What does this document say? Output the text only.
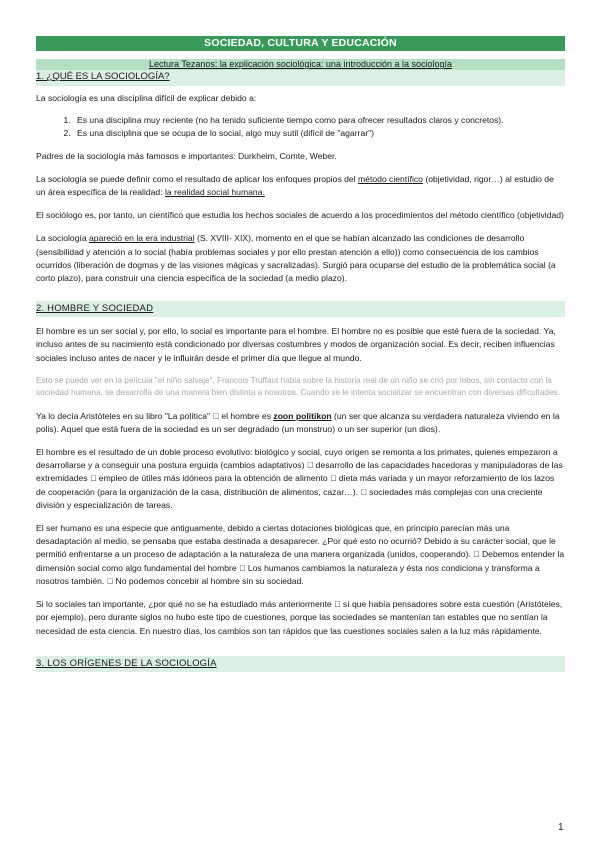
SOCIEDAD, CULTURA Y EDUCACIÓN
Lectura Tezanos: la explicación sociológica: una introducción a la sociología
1. ¿QUÉ ES LA SOCIOLOGÍA?

La sociología es una disciplina difícil de explicar debido a:

1. Es una disciplina muy reciente (no ha tenido suficiente tiempo como para ofrecer resultados claros y concretos).
2. Es una disciplina que se ocupa de lo social, algo muy sutil (difícil de "agarrar")

Padres de la sociología más famosos e importantes: Durkheim, Comte, Weber.

La sociología se puede definir como el resultado de aplicar los enfoques propios del método científico (objetividad, rigor…) al estudio de un área específica de la realidad: la realidad social humana.

El sociólogo es, por tanto, un científico que estudia los hechos sociales de acuerdo a los procedimientos del método científico (objetividad)

La sociología apareció en la era industrial (S. XVIII- XIX), momento en el que se habían alcanzado las condiciones de desarrollo (sensibilidad y atención a lo social (había problemas sociales y por ello prestan atención a ello)) como consecuencia de los cambios ocurridos (liberación de dogmas y de las visiones mágicas y sacralizadas). Surgió para ocuparse del estudio de la problemática social (a corto plazo), para construir una ciencia específica de la sociedad (a medio plazo).

2. HOMBRE Y SOCIEDAD

El hombre es un ser social y, por ello, lo social es importante para el hombre. El hombre no es posible que esté fuera de la sociedad. Ya, incluso antes de su nacimiento está condicionado por diversas costumbres y modos de organización social. Es decir, reciben influencias sociales incluso antes de nacer y le influirán desde el primer día que llegue al mundo.

Esto se puede ver en la película "el niño salvaje", Francois Truffaut habla sobre la historia real de un niño se crió por lobos, sin contacto con la sociedad humana, se desarrolla de una manera bien distinta a nosotros. Cuando se le intenta socializar se encuentran con diversas dificultades.

Ya lo decía Aristóteles en su libro "La política" el hombre es zoon politikon (un ser que alcanza su verdadera naturaleza viviendo en la polis). Aquel que está fuera de la sociedad es un ser degradado (un monstruo) o un ser superior (un dios).

El hombre es el resultado de un doble proceso evolutivo: biológico y social, cuyo origen se remonta a los primates, quienes empezaron a desarrollarse y a conseguir una postura erguida (cambios adaptativos) desarrollo de las capacidades hacedoras y manipuladoras de las extremidades empleo de útiles más idóneos para la obtención de alimento dieta más variada y un mayor reforzamiento de los lazos de cooperación (para la organización de la casa, distribución de alimentos, cazar…). sociedades más complejas con una creciente división y especialización de tareas.

El ser humano es una especie que antiguamente, debido a ciertas dotaciones biológicas que, en principio parecían más una desadaptación al medio, se pensaba que estaba destinada a desaparecer. ¿Por qué esto no ocurrió? Debido a su carácter social, que le permitió enfrentarse a un proceso de adaptación a la naturaleza de una manera organizada (unidos, cooperando). Debemos entender la dimensión social como algo fundamental del hombre Los humanos cambiamos la naturaleza y ésta nos condiciona y transforma a nosotros también. No podemos concebir al hombre sin su sociedad.

Si lo sociales tan importante, ¿por qué no se ha estudiado más anteriormente sí que había pensadores sobre esta cuestión (Aristóteles, por ejemplo), pero durante siglos no hubo este tipo de cuestiones, porque las sociedades se mantenían tan estables que no sentían la necesidad de esta ciencia. En nuestro días, los cambios son tan rápidos que las cuestiones sociales salen a la luz más rápidamente.

3. LOS ORÍGENES DE LA SOCIOLOGÍA
1
